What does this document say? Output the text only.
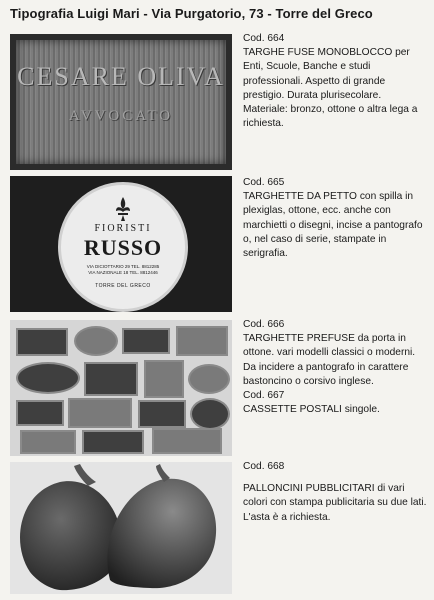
Tipografia Luigi Mari - Via Purgatorio, 73 - Torre del Greco
CESARE OLIVA
AVVOCATO
FIORISTI
RUSSO
VIA DICIOTTARIO 29 TEL. 8812285
VIA NAZIONALE 18 TEL. 8812446
TORRE DEL GRECO
Cod. 664
TARGHE FUSE MONOBLOCCO per Enti, Scuole, Banche e studi professionali. Aspetto di grande prestigio. Durata plurisecolare. Materiale: bronzo, ottone o altra lega a richiesta.
Cod. 665
TARGHETTE DA PETTO con spilla in plexiglas, ottone, ecc. anche con marchietti o disegni, incise a pantografo o, nel caso di serie, stampate in serigrafia.
Cod. 666
TARGHETTE PREFUSE da porta in ottone. vari modelli classici o moderni. Da incidere a pantografo in carattere bastoncino o corsivo inglese.
Cod. 667
CASSETTE POSTALI singole.
Cod. 668
PALLONCINI PUBBLICITARI di vari colori con stampa publicitaria su due lati. L'asta è a richiesta.
